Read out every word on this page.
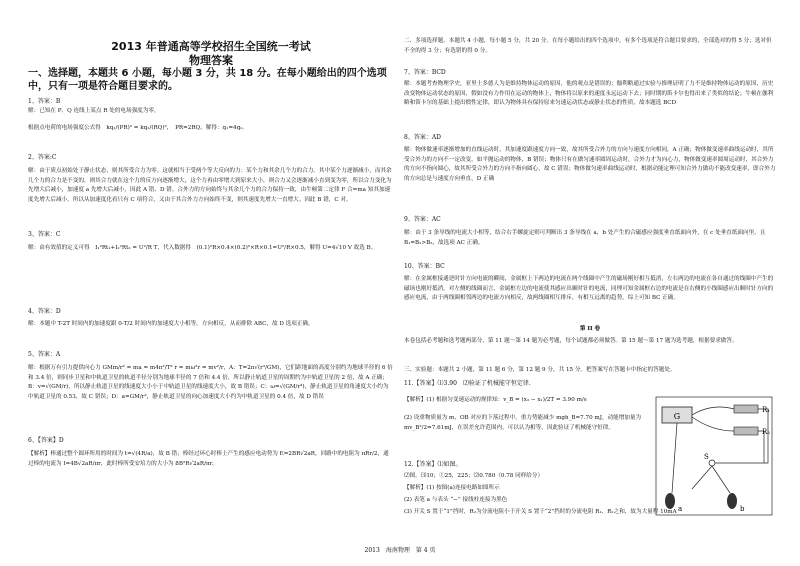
2013 年普通高等学校招生全国统一考试
物理答案
一、选择题，本题共 6 小题，每小题 3 分，共 18 分。在每小题给出的四个选项中，只有一项是符合题目要求的。
1、答案：B
解：已知在 P、Q 连线上某点 R 处的电场强度为零，
根据点电荷的电场强度公式得　kq₁/(PR)² = kq₂/(RQ)²，　PR=2RQ，解得：q₁=4q₂。
2、答案:C
解：由于质点初始处于静止状态，则其所受合力为零。这就相当于受两个等大反向的力：某个力和其余几个力的合力。其中某个力逐渐减小，而其余几个力的合力是不变的，则其合力就在这个力的反方向逐渐增大，这个力再由零增大到原来大小，则合力又会逐渐减小直到变为零，所以合力变化为先增大后减小，加速度 a 先增大后减小，因此 A 错、D 错。合外力的方向始终与其余几个力的合力保持一致，由牛顿第二定律 F 合=ma 知其加速度先增大后减小，所以从加速度化看只有 C 项符合，又由于其合外力方向始终不变，则其速度先增大一直增大。因此 B 错，C 对。
3、答案：C
解：由有效值的定义可得　I₁²Rt₁+I₂²Rt₂ = U²/R T，代入数据得　(0.1)²R×0.4×(0.2)²×R×0.1=U²/R×0.5，解得 U=4√10 V 故选 B。
4、答案：D
解：本题中 T-2T 时间内的加速度跟 0-T/2 时间内的加速度大小相等，方向相反，从而排除 ABC，故 D 选项正确。
5、答案：A
解：根据万有引力提供向心力 GMm/r² = ma = m4π²/T² r = mω²r = mv²/r，A：T=2π√(r³/GM)，它们距地面的高度分别约为地球半径的 6 倍和 3.4 倍，则同步卫星和中轨道卫星的轨道半径分别为地球半径的 7 倍和 4.4 倍，所以静止轨道卫星的周期约为中轨道卫星的 2 倍，故 A 正确；B：v=√(GM/r)，所以静止轨道卫星的线速度大小小于中轨道卫星的线速度大小，故 B 错误；C：ω=√(GM/r³)，静止轨道卫星的角速度大小约为中轨道卫星的 0.53，故 C 错误；D：a=GM/r²，静止轨道卫星的向心加速度大小约为中轨道卫星的 0.4 倍，故 D 错误
6、【答案】D
【解析】棒通过整个圆环所用的时间为 t=√(4R/a)，故 B 错；棒经过环心时棒上产生的感应电动势为 E=2BR√2aR，回路中的电阻为 πRr/2，通过棒的电流为 I=4B√2aR/πr，此时棒所受安培力的大小为 8B²R√2aR/πr。
二、多项选择题。本题共 4 小题，每小题 5 分，共 20 分。在每小题给出的四个选项中，有多个选项是符合题目要求的，全部选对的得 5 分；选对但不全的得 3 分；有选错的得 0 分。
7、答案：BCD
解：本题考查物理学史，亚里士多德人为是维持物体运动的原因，他的观点是错误的；伽利略通过实验与推理证明了力不是维持物体运动的原因，历史改变物体运动状态的原因，假如没有力作用在运动的物体上，物体将以原来的速度永远运动下去；同时期的笛卡尔也得出来了类似的结论；牛顿在伽利略和笛卡尔的基础上提出惯性定律，即认为物体具有保持原来匀速运动状态或静止状态的性质，故本题选 BCD
8、答案：AD
解：物体做速率逐渐增加的直线运动时，其加速度跟速度方向一致，故其所受合外力的方向与速度方向相同，A 正确；物体做变速率曲线运动时，其所受合外力的方向不一定改变，如平抛运动的物体，B 错误；物体只有在做匀速率圆周运动时，合外力才为向心力，物体做变速率圆周运动时，其合外力的方向不指向圆心，故其所受合外力的方向不指向圆心，故 C 错误；物体做匀速率曲线运动时，根据动能定理可知合外力做功不能改变速率，即合外力的方向总是与速度方向垂直，D 正确
9、答案：AC
解：由于 3 条导线的电流大小相等，结合右手螺旋定则可判断出 3 条导线在 a，b 处产生的合磁感应强度垂直纸面向外，在 c 处垂直纸面向里，且 B₁=B₂>B₃，故选项 AC 正确。
10、答案：BC
解：在金属框接通逆时针方向电流的瞬间，金属框上下两边的电流在两个线圈中产生的磁场刚好相互抵消，左右两边的电流在各自通过的线圈中产生的磁场也刚好抵消，对左侧的线圈而言，金属框左边的电流使其感应出顺时针的电流，同理可知金属框右边的电流是在右侧的小线圈感应出顺时针方向的感应电流，由于两线圈相邻两边的电流方向相反，故两线圈相互排斥，有相互远离的趋势，综上可知 BC 正确。
第 II 卷
本卷包括必考题和选考题两部分，第 11 题～第 14 题为必考题，每个试题都必须做答。第 15 题～第 17 题为选考题，根据要求做答。
三、实验题：本题共 2 小题，第 11 题 6 分，第 12 题 9 分，共 15 分。把答案写在答题卡中指定的答题处。
11.【答案】⑴3.90　⑵验证了机械能守恒定律.
【解析】(1) 根据匀变速运动的规律知：v_B = (x₃ − x₁)/2T = 3.90 m/s
(2) 设重物质量为 m，OB 对应的下落过程中，重力势能减少 mgh_B=7.70 mJ，动能增加量为 mv_B²/2=7.61mJ，在误差允许范围内，可以认为相等，因此验证了机械能守恒律。
12.【答案】⑴如图。
⑵图。⑶10；①25，225；⑵0.780（0.78 同样给分）
【解析】(1) 按图(a)连接电路如图所示
(2) 表笔 a 与表头 “−” 接线柱连接为黑色
(3) 开关 S 置于“1”挡时，R₂为分流电阻小于开关 S 置于“2”挡时的分流电阻 R₁、R₂之和，故为大量程 10mA
G
R₁
R₂
S
a	b
2013　海南物理　第 4 页
